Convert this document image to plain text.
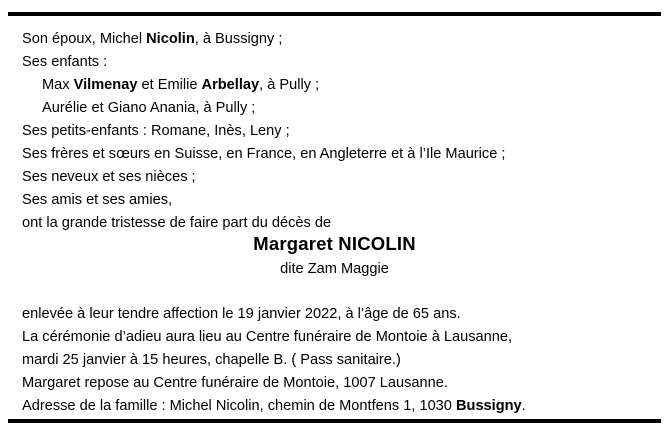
Son époux, Michel Nicolin, à Bussigny ;
Ses enfants :
Max Vilmenay et Emilie Arbellay, à Pully ;
Aurélie et Giano Anania, à Pully ;
Ses petits-enfants : Romane, Inès, Leny ;
Ses frères et sœurs en Suisse, en France, en Angleterre et à l’Ile Maurice ;
Ses neveux et ses nièces ;
Ses amis et ses amies,
ont la grande tristesse de faire part du décès de
Margaret NICOLIN
dite Zam Maggie
enlevée à leur tendre affection le 19 janvier 2022, à l’âge de 65 ans.
La cérémonie d’adieu aura lieu au Centre funéraire de Montoie à Lausanne,
mardi 25 janvier à 15 heures, chapelle B. ( Pass sanitaire.)
Margaret repose au Centre funéraire de Montoie, 1007 Lausanne.
Adresse de la famille : Michel Nicolin, chemin de Montfens 1, 1030 Bussigny.
